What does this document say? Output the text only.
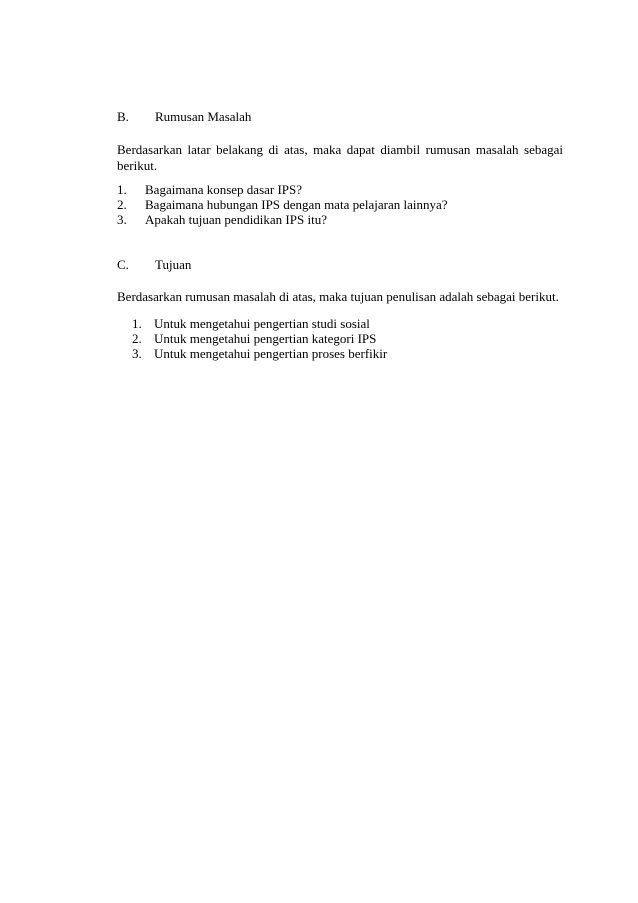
B. Rumusan Masalah
Berdasarkan latar belakang di atas, maka dapat diambil rumusan masalah sebagai berikut.
1. Bagaimana konsep dasar IPS?
2. Bagaimana hubungan IPS dengan mata pelajaran lainnya?
3. Apakah tujuan pendidikan IPS itu?
C. Tujuan
Berdasarkan rumusan masalah di atas, maka tujuan penulisan adalah sebagai berikut.
1. Untuk mengetahui pengertian studi sosial
2. Untuk mengetahui pengertian kategori IPS
3. Untuk mengetahui pengertian proses berfikir
